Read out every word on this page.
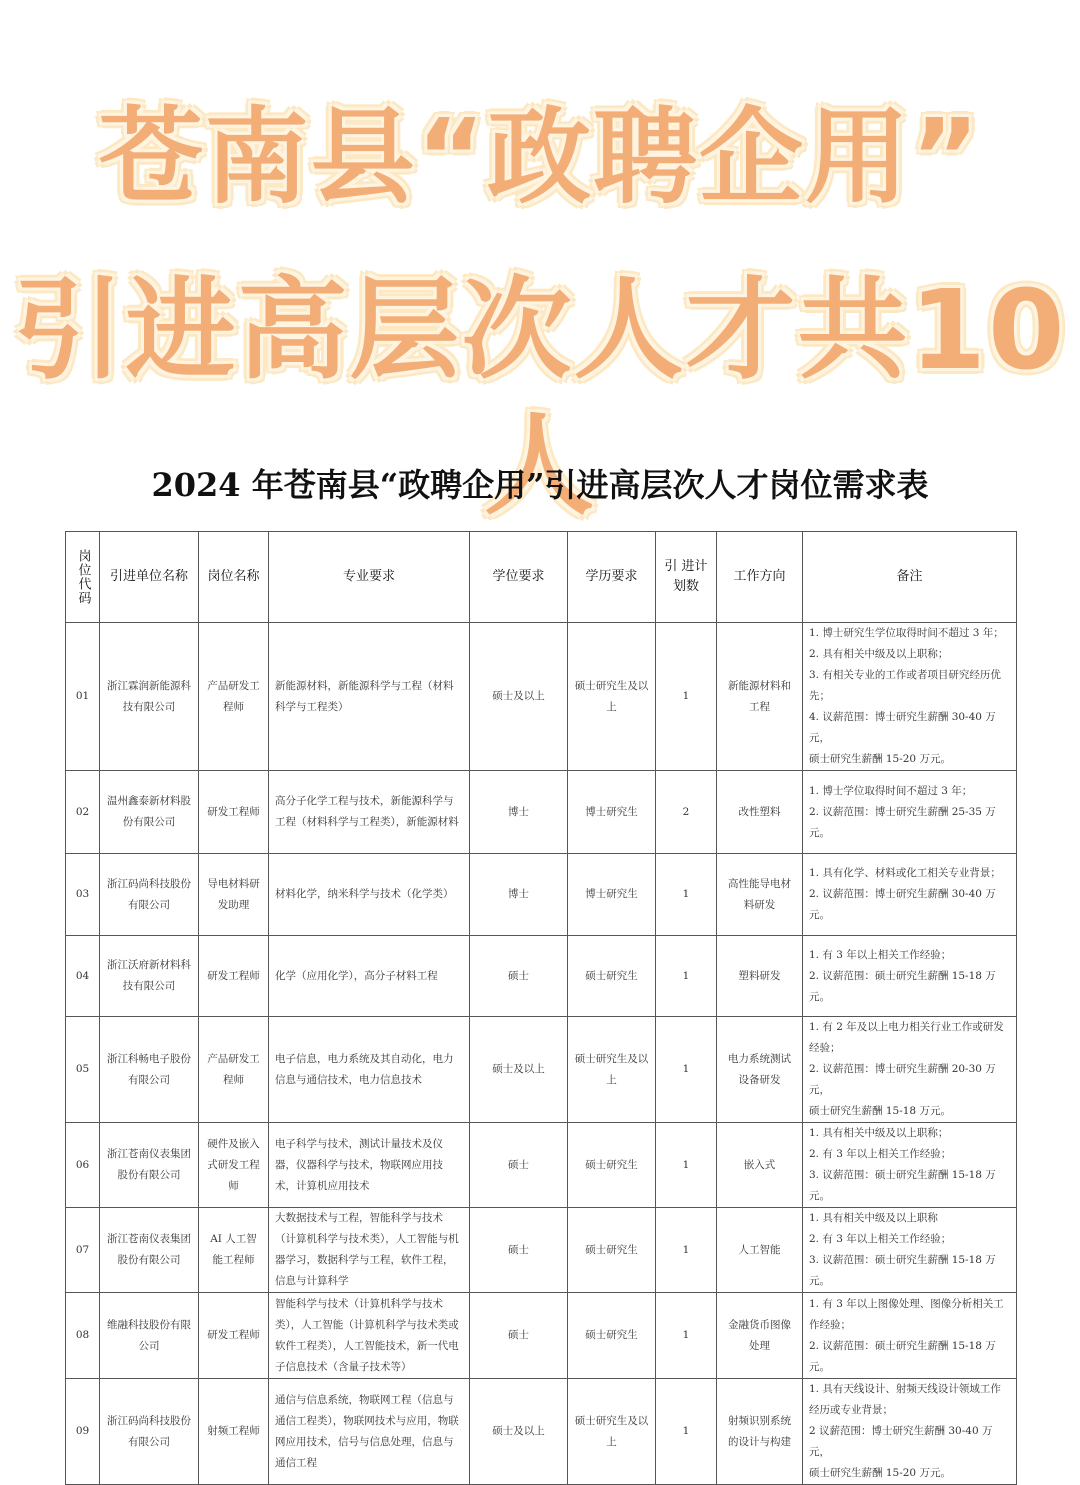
苍南县“政聘企用”
引进高层次人才共10人
2024 年苍南县“政聘企用”引进高层次人才岗位需求表
岗位代码	引进单位名称	岗位名称	专业要求	学位要求	学历要求	引 进计划数	工作方向	备注
01	浙江霖润新能源科技有限公司	产品研发工程师	新能源材料，新能源科学与工程（材料科学与工程类）	硕士及以上	硕士研究生及以上	1	新能源材料和工程	1. 博士研究生学位取得时间不超过 3 年；
2. 具有相关中级及以上职称；
3. 有相关专业的工作或者项目研究经历优先；
4. 议薪范围：博士研究生薪酬 30-40 万元，
硕士研究生薪酬 15-20 万元。

02	温州鑫泰新材料股份有限公司	研发工程师	高分子化学工程与技术，新能源科学与工程（材料科学与工程类），新能源材料	博士	博士研究生	2	改性塑料	1. 博士学位取得时间不超过 3 年；
2. 议薪范围：博士研究生薪酬 25-35 万元。

03	浙江码尚科技股份有限公司	导电材料研发助理	材料化学，纳米科学与技术（化学类）	博士	博士研究生	1	高性能导电材料研发	1. 具有化学、材料或化工相关专业背景；
2. 议薪范围：博士研究生薪酬 30-40 万元。

04	浙江沃府新材料科技有限公司	研发工程师	化学（应用化学），高分子材料工程	硕士	硕士研究生	1	塑料研发	1. 有 3 年以上相关工作经验；
2. 议薪范围：硕士研究生薪酬 15-18 万元。

05	浙江科畅电子股份有限公司	产品研发工程师	电子信息，电力系统及其自动化，电力信息与通信技术，电力信息技术	硕士及以上	硕士研究生及以上	1	电力系统测试设备研发	1. 有 2 年及以上电力相关行业工作或研发经验；
2. 议薪范围：博士研究生薪酬 20-30 万元，
硕士研究生薪酬 15-18 万元。

06	浙江苍南仪表集团股份有限公司	硬件及嵌入式研发工程师	电子科学与技术，测试计量技术及仪器，仪器科学与技术，物联网应用技术，计算机应用技术	硕士	硕士研究生	1	嵌入式	1. 具有相关中级及以上职称；
2. 有 3 年以上相关工作经验；
3. 议薪范围：硕士研究生薪酬 15-18 万元。

07	浙江苍南仪表集团股份有限公司	AI 人工智能工程师	大数据技术与工程，智能科学与技术（计算机科学与技术类），人工智能与机器学习，数据科学与工程，软件工程，信息与计算科学	硕士	硕士研究生	1	人工智能	1. 具有相关中级及以上职称
2. 有 3 年以上相关工作经验；
3. 议薪范围：硕士研究生薪酬 15-18 万元。

08	维融科技股份有限公司	研发工程师	智能科学与技术（计算机科学与技术类），人工智能（计算机科学与技术类或软件工程类），人工智能技术，新一代电子信息技术（含量子技术等）	硕士	硕士研究生	1	金融货币图像处理	1. 有 3 年以上图像处理、图像分析相关工作经验；
2. 议薪范围：硕士研究生薪酬 15-18 万元。

09	浙江码尚科技股份有限公司	射频工程师	通信与信息系统，物联网工程（信息与通信工程类），物联网技术与应用，物联网应用技术，信号与信息处理，信息与通信工程	硕士及以上	硕士研究生及以上	1	射频识别系统的设计与构建	1. 具有天线设计、射频天线设计领域工作经历或专业背景；
2 议薪范围：博士研究生薪酬 30-40 万元，
硕士研究生薪酬 15-20 万元。
